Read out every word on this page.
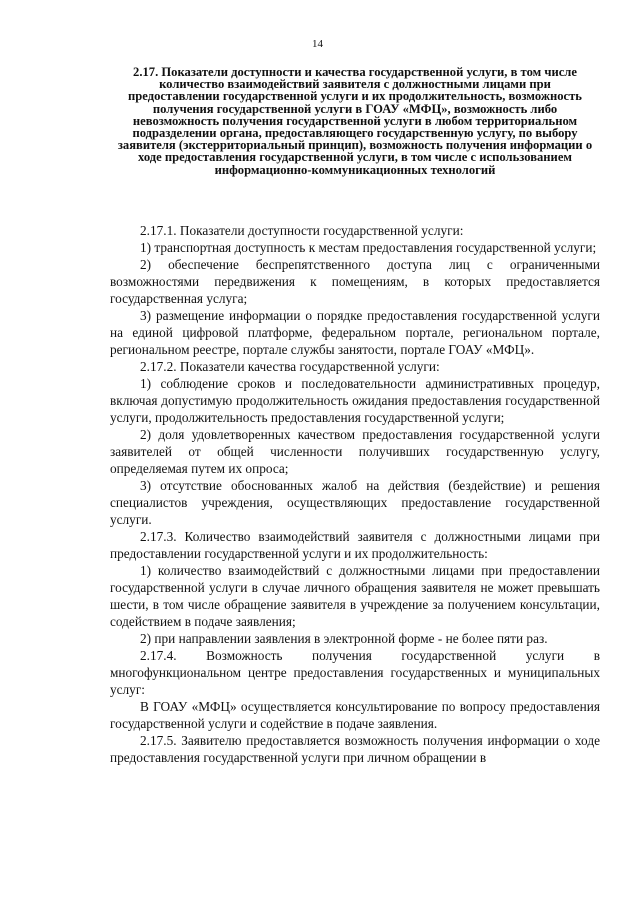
14
2.17. Показатели доступности и качества государственной услуги, в том числе количество взаимодействий заявителя с должностными лицами при предоставлении государственной услуги и их продолжительность, возможность получения государственной услуги в ГОАУ «МФЦ», возможность либо невозможность получения государственной услуги в любом территориальном подразделении органа, предоставляющего государственную услугу, по выбору заявителя (экстерриториальный принцип), возможность получения информации о ходе предоставления государственной услуги, в том числе с использованием информационно-коммуникационных технологий

2.17.1. Показатели доступности государственной услуги:

1) транспортная доступность к местам предоставления государственной услуги;

2) обеспечение беспрепятственного доступа лиц с ограниченными возможностями передвижения к помещениям, в которых предоставляется государственная услуга;

3) размещение информации о порядке предоставления государственной услуги на единой цифровой платформе, федеральном портале, региональном портале, региональном реестре, портале службы занятости, портале ГОАУ «МФЦ».

2.17.2. Показатели качества государственной услуги:

1) соблюдение сроков и последовательности административных процедур, включая допустимую продолжительность ожидания предоставления государственной услуги, продолжительность предоставления государственной услуги;

2) доля удовлетворенных качеством предоставления государственной услуги заявителей от общей численности получивших государственную услугу, определяемая путем их опроса;

3) отсутствие обоснованных жалоб на действия (бездействие) и решения специалистов учреждения, осуществляющих предоставление государственной услуги.

2.17.3. Количество взаимодействий заявителя с должностными лицами при предоставлении государственной услуги и их продолжительность:

1) количество взаимодействий с должностными лицами при предоставлении государственной услуги в случае личного обращения заявителя не может превышать шести, в том числе обращение заявителя в учреждение за получением консультации, содействием в подаче заявления;

2) при направлении заявления в электронной форме - не более пяти раз.

2.17.4. Возможность получения государственной услуги в многофункциональном центре предоставления государственных и муниципальных услуг:

В ГОАУ «МФЦ» осуществляется консультирование по вопросу предоставления государственной услуги и содействие в подаче заявления.

2.17.5. Заявителю предоставляется возможность получения информации о ходе предоставления государственной услуги при личном обращении в
